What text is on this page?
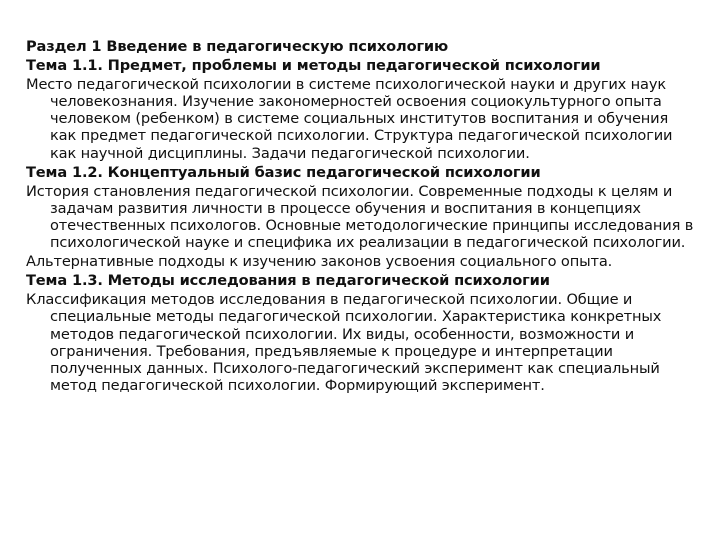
Раздел 1 Введение в педагогическую психологию
Тема 1.1. Предмет, проблемы и методы педагогической психологии
Место педагогической психологии в системе психологической науки и других наук человекознания. Изучение закономерностей освоения социокультурного опыта человеком (ребенком) в системе социальных институтов воспитания и обучения как предмет педагогической психологии. Структура педагогической психологии как научной дисциплины. Задачи педагогической психологии.
Тема 1.2. Концептуальный базис педагогической психологии
История становления педагогической психологии. Современные подходы к целям и задачам развития личности в процессе обучения и воспитания в концепциях отечественных психологов. Основные методологические принципы исследования в психологической науке и специфика их реализации в педагогической психологии.
Альтернативные подходы к изучению законов усвоения социального опыта.
Тема 1.3. Методы исследования в педагогической психологии
Классификация методов исследования в педагогической психологии. Общие и специальные методы педагогической психологии. Характеристика конкретных методов педагогической психологии. Их виды, особенности, возможности и ограничения. Требования, предъявляемые к процедуре и интерпретации полученных данных. Психолого-педагогический эксперимент как специальный метод педагогической психологии. Формирующий эксперимент.
